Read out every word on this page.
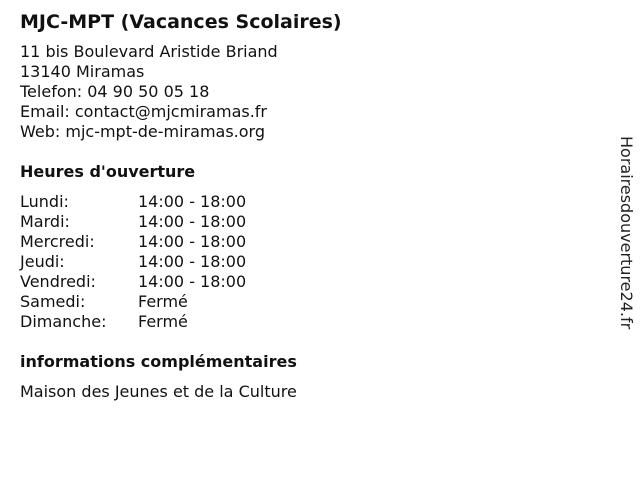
MJC-MPT (Vacances Scolaires)
11 bis Boulevard Aristide Briand
13140 Miramas
Telefon: 04 90 50 05 18
Email: contact@mjcmiramas.fr
Web: mjc-mpt-de-miramas.org
Heures d'ouverture
Lundi:	14:00 - 18:00
Mardi:	14:00 - 18:00
Mercredi:	14:00 - 18:00
Jeudi:	14:00 - 18:00
Vendredi:	14:00 - 18:00
Samedi:	Fermé
Dimanche:	Fermé
informations complémentaires
Maison des Jeunes et de la Culture
Horairesdouverture24.fr
